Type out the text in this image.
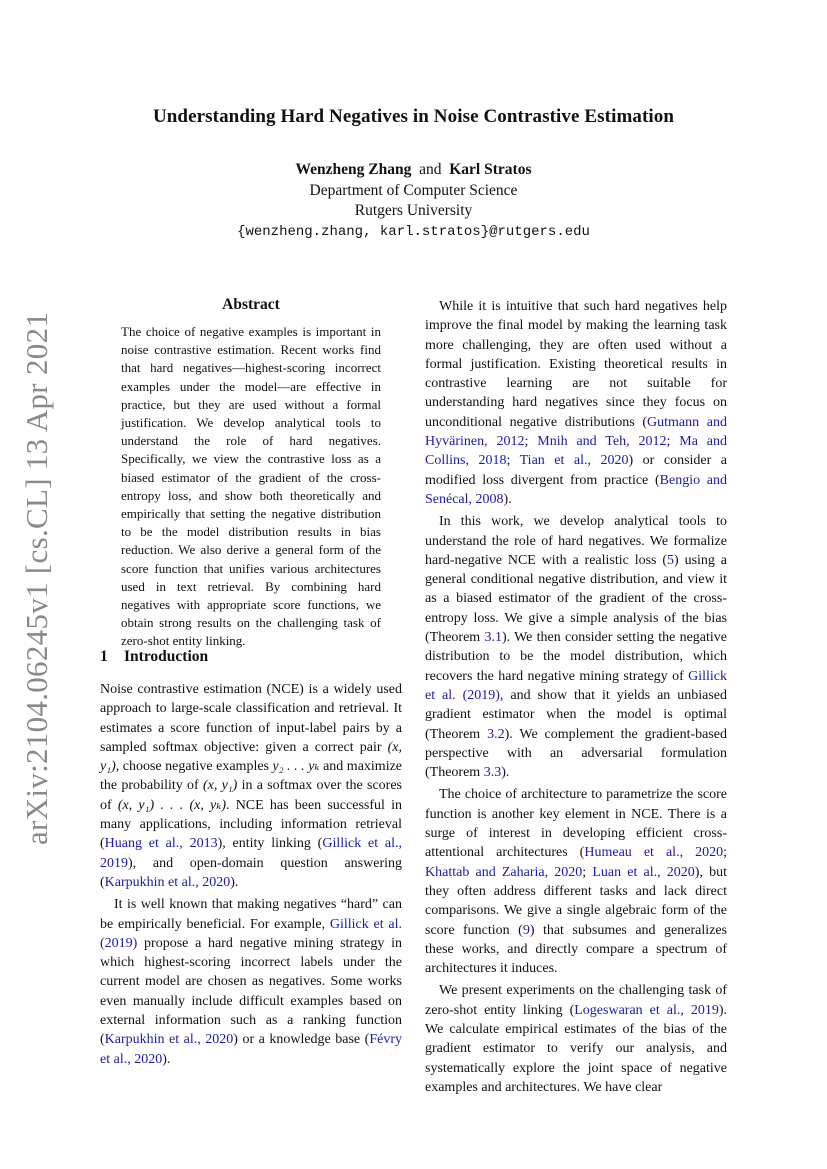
arXiv:2104.06245v1 [cs.CL] 13 Apr 2021
Understanding Hard Negatives in Noise Contrastive Estimation
Wenzheng Zhang and Karl Stratos
Department of Computer Science
Rutgers University
{wenzheng.zhang, karl.stratos}@rutgers.edu
Abstract
The choice of negative examples is important in noise contrastive estimation. Recent works find that hard negatives—highest-scoring incorrect examples under the model—are effective in practice, but they are used without a formal justification. We develop analytical tools to understand the role of hard negatives. Specifically, we view the contrastive loss as a biased estimator of the gradient of the cross-entropy loss, and show both theoretically and empirically that setting the negative distribution to be the model distribution results in bias reduction. We also derive a general form of the score function that unifies various architectures used in text retrieval. By combining hard negatives with appropriate score functions, we obtain strong results on the challenging task of zero-shot entity linking.
1 Introduction

Noise contrastive estimation (NCE) is a widely used approach to large-scale classification and retrieval. It estimates a score function of input-label pairs by a sampled softmax objective: given a correct pair (x, y₁), choose negative examples y₂ . . . yₖ and maximize the probability of (x, y₁) in a softmax over the scores of (x, y₁) . . . (x, yₖ). NCE has been successful in many applications, including information retrieval (Huang et al., 2013), entity linking (Gillick et al., 2019), and open-domain question answering (Karpukhin et al., 2020).

It is well known that making negatives “hard” can be empirically beneficial. For example, Gillick et al. (2019) propose a hard negative mining strategy in which highest-scoring incorrect labels under the current model are chosen as negatives. Some works even manually include difficult examples based on external information such as a ranking function (Karpukhin et al., 2020) or a knowledge base (Févry et al., 2020).

While it is intuitive that such hard negatives help improve the final model by making the learning task more challenging, they are often used without a formal justification. Existing theoretical results in contrastive learning are not suitable for understanding hard negatives since they focus on unconditional negative distributions (Gutmann and Hyvärinen, 2012; Mnih and Teh, 2012; Ma and Collins, 2018; Tian et al., 2020) or consider a modified loss divergent from practice (Bengio and Senécal, 2008).

In this work, we develop analytical tools to understand the role of hard negatives. We formalize hard-negative NCE with a realistic loss (5) using a general conditional negative distribution, and view it as a biased estimator of the gradient of the cross-entropy loss. We give a simple analysis of the bias (Theorem 3.1). We then consider setting the negative distribution to be the model distribution, which recovers the hard negative mining strategy of Gillick et al. (2019), and show that it yields an unbiased gradient estimator when the model is optimal (Theorem 3.2). We complement the gradient-based perspective with an adversarial formulation (Theorem 3.3).

The choice of architecture to parametrize the score function is another key element in NCE. There is a surge of interest in developing efficient cross-attentional architectures (Humeau et al., 2020; Khattab and Zaharia, 2020; Luan et al., 2020), but they often address different tasks and lack direct comparisons. We give a single algebraic form of the score function (9) that subsumes and generalizes these works, and directly compare a spectrum of architectures it induces.

We present experiments on the challenging task of zero-shot entity linking (Logeswaran et al., 2019). We calculate empirical estimates of the bias of the gradient estimator to verify our analysis, and systematically explore the joint space of negative examples and architectures. We have clear
